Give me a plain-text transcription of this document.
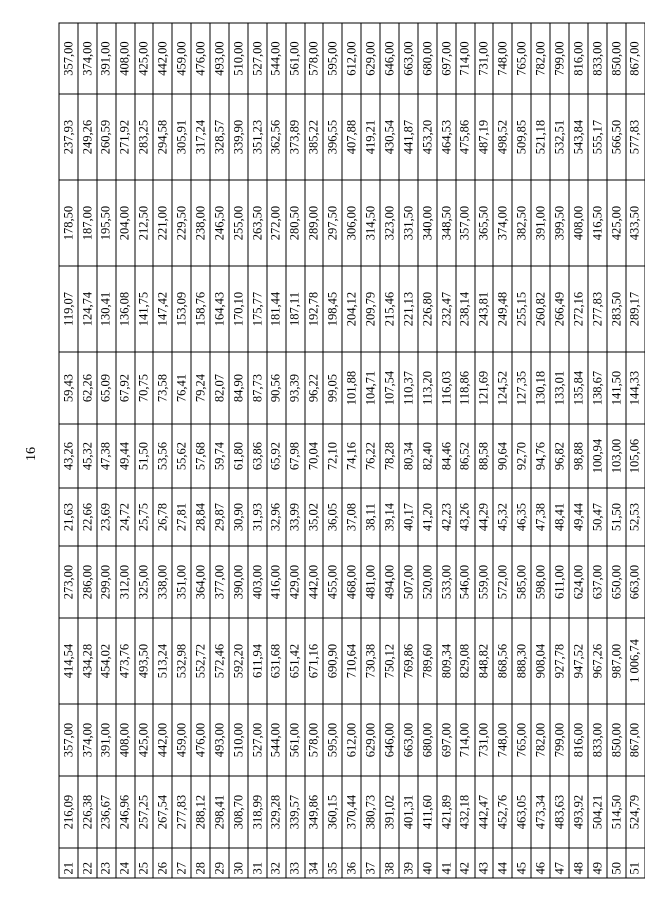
16
21	216,09	357,00	414,54	273,00	21,63	43,26	59,43	119,07	178,50	237,93	357,00
22	226,38	374,00	434,28	286,00	22,66	45,32	62,26	124,74	187,00	249,26	374,00
23	236,67	391,00	454,02	299,00	23,69	47,38	65,09	130,41	195,50	260,59	391,00
24	246,96	408,00	473,76	312,00	24,72	49,44	67,92	136,08	204,00	271,92	408,00
25	257,25	425,00	493,50	325,00	25,75	51,50	70,75	141,75	212,50	283,25	425,00
26	267,54	442,00	513,24	338,00	26,78	53,56	73,58	147,42	221,00	294,58	442,00
27	277,83	459,00	532,98	351,00	27,81	55,62	76,41	153,09	229,50	305,91	459,00
28	288,12	476,00	552,72	364,00	28,84	57,68	79,24	158,76	238,00	317,24	476,00
29	298,41	493,00	572,46	377,00	29,87	59,74	82,07	164,43	246,50	328,57	493,00
30	308,70	510,00	592,20	390,00	30,90	61,80	84,90	170,10	255,00	339,90	510,00
31	318,99	527,00	611,94	403,00	31,93	63,86	87,73	175,77	263,50	351,23	527,00
32	329,28	544,00	631,68	416,00	32,96	65,92	90,56	181,44	272,00	362,56	544,00
33	339,57	561,00	651,42	429,00	33,99	67,98	93,39	187,11	280,50	373,89	561,00
34	349,86	578,00	671,16	442,00	35,02	70,04	96,22	192,78	289,00	385,22	578,00
35	360,15	595,00	690,90	455,00	36,05	72,10	99,05	198,45	297,50	396,55	595,00
36	370,44	612,00	710,64	468,00	37,08	74,16	101,88	204,12	306,00	407,88	612,00
37	380,73	629,00	730,38	481,00	38,11	76,22	104,71	209,79	314,50	419,21	629,00
38	391,02	646,00	750,12	494,00	39,14	78,28	107,54	215,46	323,00	430,54	646,00
39	401,31	663,00	769,86	507,00	40,17	80,34	110,37	221,13	331,50	441,87	663,00
40	411,60	680,00	789,60	520,00	41,20	82,40	113,20	226,80	340,00	453,20	680,00
41	421,89	697,00	809,34	533,00	42,23	84,46	116,03	232,47	348,50	464,53	697,00
42	432,18	714,00	829,08	546,00	43,26	86,52	118,86	238,14	357,00	475,86	714,00
43	442,47	731,00	848,82	559,00	44,29	88,58	121,69	243,81	365,50	487,19	731,00
44	452,76	748,00	868,56	572,00	45,32	90,64	124,52	249,48	374,00	498,52	748,00
45	463,05	765,00	888,30	585,00	46,35	92,70	127,35	255,15	382,50	509,85	765,00
46	473,34	782,00	908,04	598,00	47,38	94,76	130,18	260,82	391,00	521,18	782,00
47	483,63	799,00	927,78	611,00	48,41	96,82	133,01	266,49	399,50	532,51	799,00
48	493,92	816,00	947,52	624,00	49,44	98,88	135,84	272,16	408,00	543,84	816,00
49	504,21	833,00	967,26	637,00	50,47	100,94	138,67	277,83	416,50	555,17	833,00
50	514,50	850,00	987,00	650,00	51,50	103,00	141,50	283,50	425,00	566,50	850,00
51	524,79	867,00	1 006,74	663,00	52,53	105,06	144,33	289,17	433,50	577,83	867,00
